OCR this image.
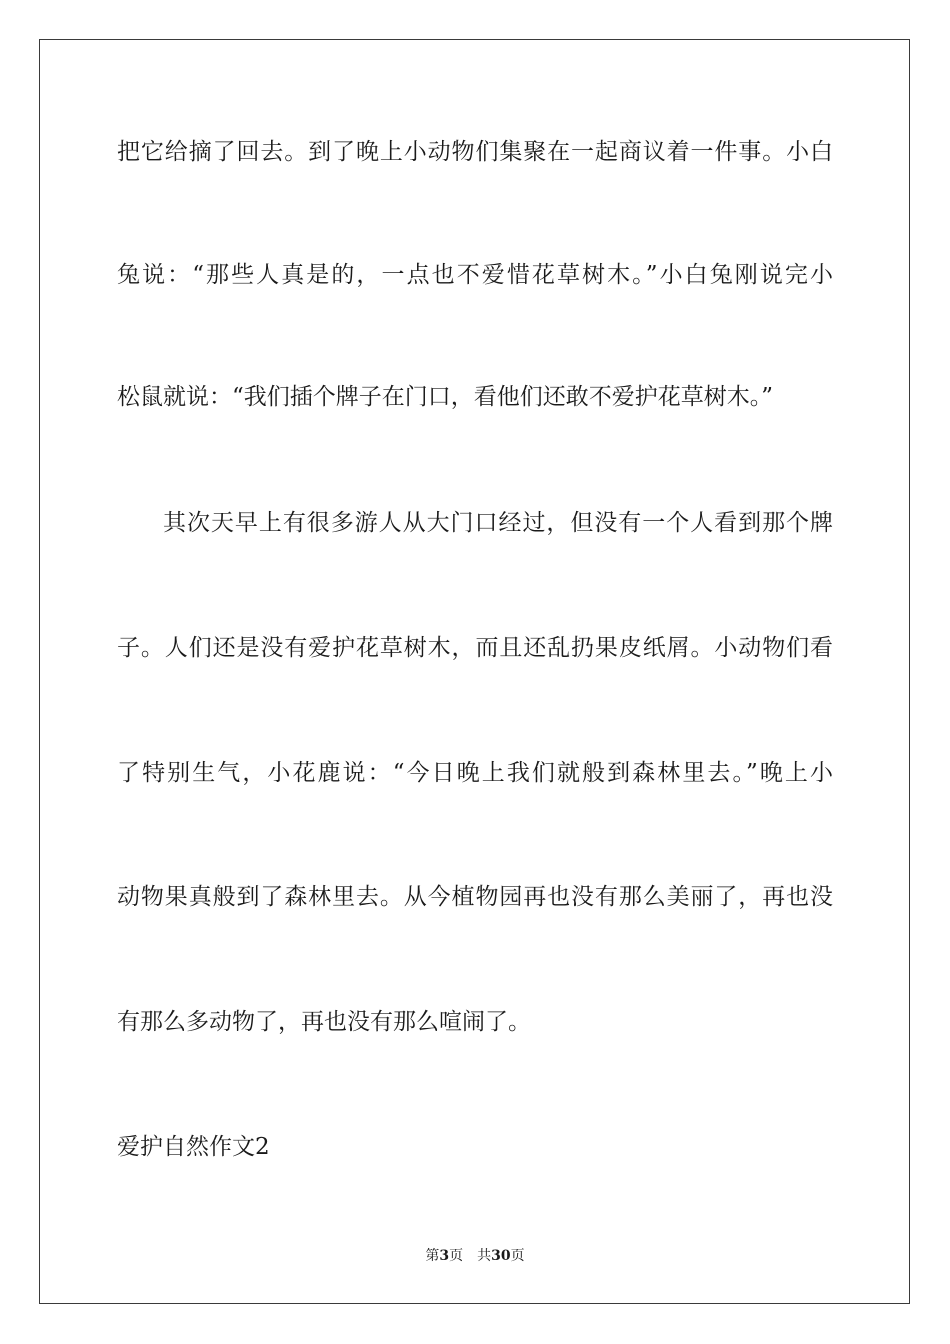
把它给摘了回去。到了晚上小动物们集聚在一起商议着一件事。小白
兔说：“那些人真是的，一点也不爱惜花草树木。”小白兔刚说完小
松鼠就说：“我们插个牌子在门口，看他们还敢不爱护花草树木。”
其次天早上有很多游人从大门口经过，但没有一个人看到那个牌
子。人们还是没有爱护花草树木，而且还乱扔果皮纸屑。小动物们看
了特别生气，小花鹿说：“今日晚上我们就般到森林里去。”晚上小
动物果真般到了森林里去。从今植物园再也没有那么美丽了，再也没
有那么多动物了，再也没有那么喧闹了。
爱护自然作文2
第3页 共30页
